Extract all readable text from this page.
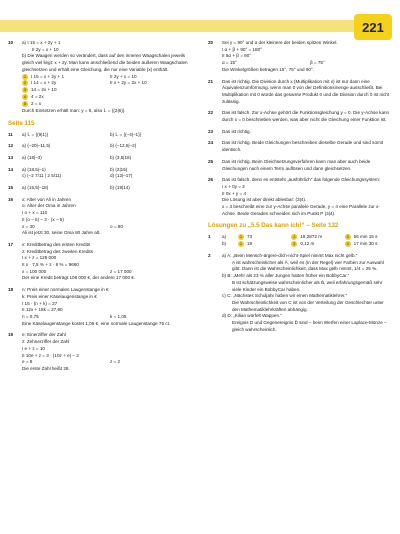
221
10 a) I 15 = x + 2y + 1
II 2y = x + 10
b) Die Waagen werden so verändert, dass auf den inneren Waagschalen jeweils gleich viel liegt: x + 2y. Man kann anschließend die beiden äußeren Waagschalen gleichsetzen und erhält eine Gleichung, die nur eine Variable (x) enthält.
1 I 15 = x + 2y + 1	II 2y + x = 10
2 I 14 = x + 2y	II x + 2y = 2x + 10
3 14 = 2x + 10
4 4 = 2x
5 2 = x
Durch Einsetzen erhält man: y = 6, also 𝕃 = {(2|6)}.
Seite 115
11 a) 𝕃 = {(9|1)}	b) 𝕃 = {(–4|–1)}
12 a) (–20|–11,5)	b) (–12,5|–2)
13 a) (18|–3)	b) (3,5|16)
14 a) (18,5|–1)	b) (2|15)
c) (–2 7/11 | 2 5/11)	d) (12|–17)
15 a) (15,5|–18)	b) (19|14)
16 x: Alter von Ali in Jahren
o: Alter der Oma in Jahren
I o + x = 110
II (o – 5) – 3 · (x – 5)
x = 30	o = 80
Ali ist jetzt 30, seine Oma 80 Jahre alt.
17 x: Kreditbetrag des ersten Kredits
z: Kreditbetrag des zweiten Kredits
I x + z = 125 000
II x · 7,5 % + z · 8 % = 9660
x = 100 000	z = 17 000
Der eine Kredit beträgt 108 000 €, der andere 17 000 €.
18 n: Preis einer normalen Laugenstange in €
k: Preis einer Käselaugenstange in €
I 15 · (n + k) = 27
II 12x + 18k = 27,90
n = 0,75	k = 1,05
Eine Käselaugenstange kostet 1,05 €, eine normale Laugenstange 75 ct.
19 e: Einerziffer der Zahl
z: Zehnerziffer der Zahl
I e + z = 10
II 10e + z = 3 · (10z + e) – 2
e = 8	z = 2
Die erste Zahl heißt 28.
20 Sei γ = 90° und α der kleinere der beiden spitzen Winkel.
I α + β + 90° = 180°
II 5α + β = 90°
α = 15°	β = 75°
Die Winkelgrößen betragen 15°, 75° und 90°.
21 Das ist richtig. Die Division durch x (Multiplikation mit x) ist nur dann eine Äquivalenzumformung, wenn man 0 von der Definitionsmenge ausschließt. Bei Multiplikation mit 0 würde das gesamte Produkt 0 und die Division durch 0 ist nicht zulässig.
22 Das ist falsch. Zur x-Achse gehört die Funktionsgleichung y = 0. Die y-Achse kann durch x = 0 beschrieben werden, was aber nicht die Gleichung einer Funktion ist.
23 Das ist richtig.
24 Das ist richtig. Beide Gleichungen beschreiben dieselbe Gerade und sind somit identisch.
25 Das ist richtig. Beim Gleichsetzungsverfahren kann man aber auch beide Gleichungen nach einem Term auflösen und dann gleichsetzen.
26 Das ist falsch, denn es entsteht „ausführlich“ das folgende Gleichungssystem:
I x + 0y = 3
II 0x + y = 4
Die Lösung ist aber direkt ablesbar: (3|4).
x = 3 beschreibt eine zur y-Achse parallele Gerade, y = 4 eine Parallele zur x-Achse. Beide Geraden schneiden sich im Punkt P (3|4).
Lösungen zu „5.5 Das kann ich!“ – Seite 132
1 a)	1 73	2 18,2872 m	3 56 min 15 s
b)	1 19	2 0,12 m	3 17 min 30 s
2 a) A: „Beim Mensch-ärgere-dich-nicht-Spiel nimmt Max nicht gelb.“
A ist wahrscheinlicher als Ā, weil es (in der Regel) vier Farben zur Auswahl gibt. Dann ist die Wahrscheinlichkeit, dass Max gelb nimmt, 1/4 = 25 %.
b) B: „Mehr als 23 % aller Jungen hatten früher ein BobbyCar.“
B ist schätzungsweise wahrscheinlicher als B̄, weil erfahrungsgemäß sehr viele Kinder ein BobbyCar haben.
c) C: „Nächstes Schuljahr haben wir einen Mathematiklehrer.“
Die Wahrscheinlichkeit von C ist von der Verteilung der Geschlechter unter den Mathematiklehrkräften abhängig.
d) D: „Kilian würfelt Wappen.“
Ereignis D und Gegenereignis D̄ sind – beim Werfen einer Laplace-Münze – gleich wahrscheinlich.
